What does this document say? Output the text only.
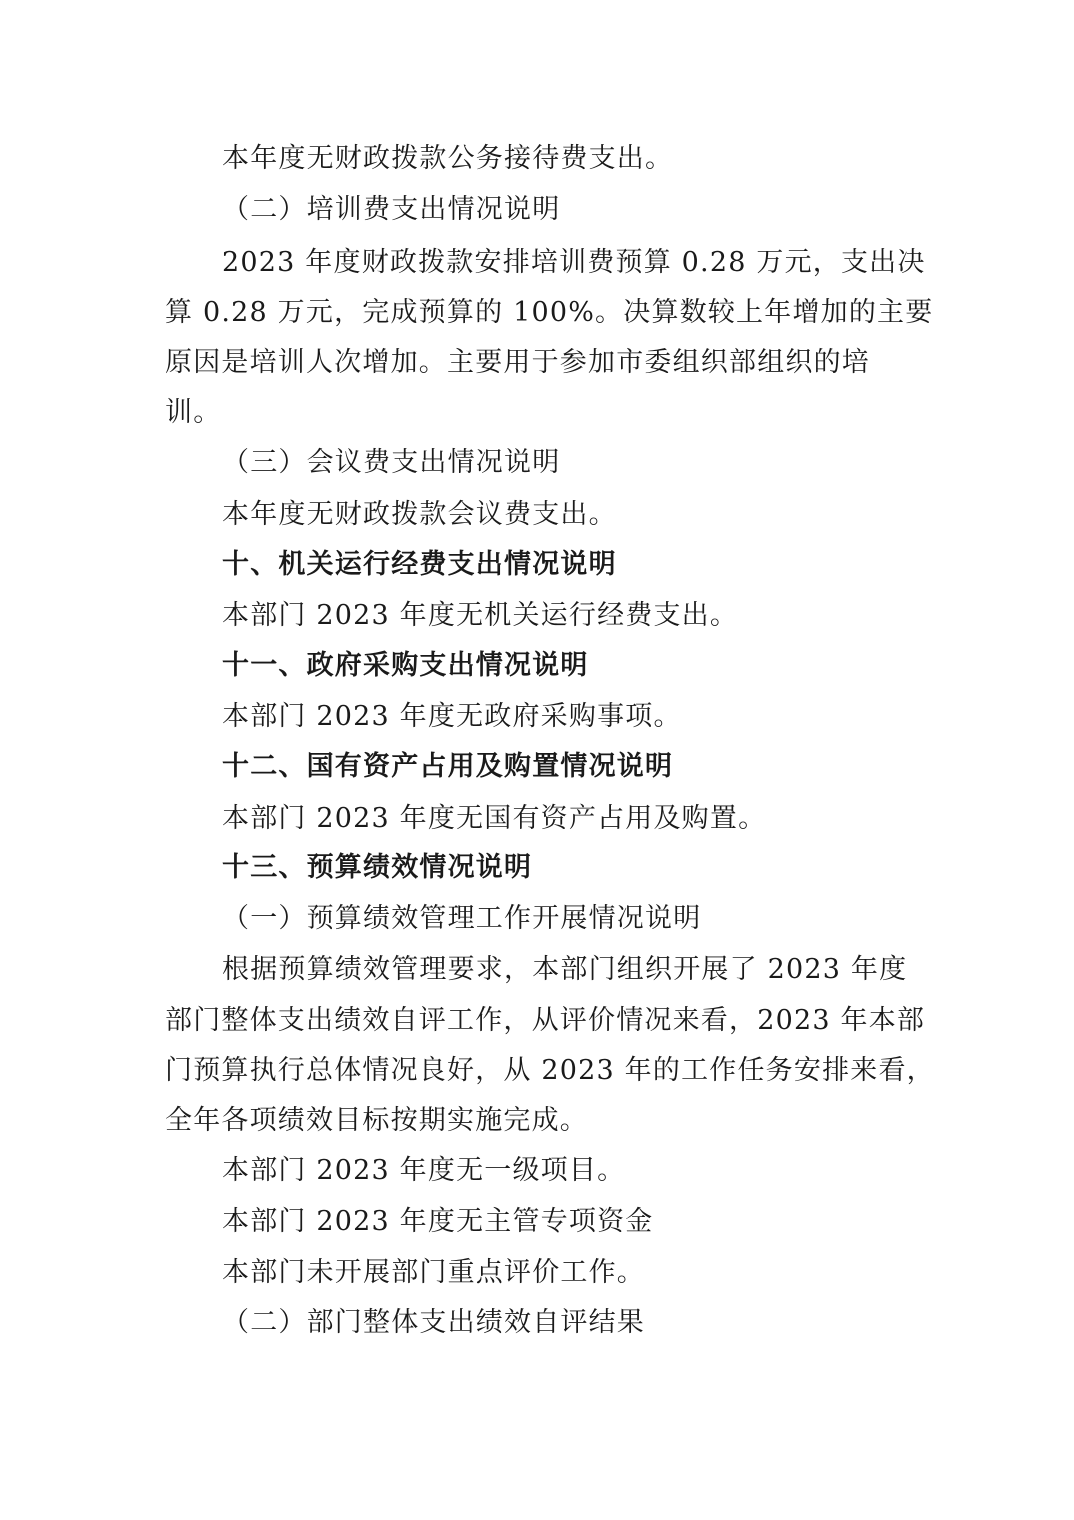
本年度无财政拨款公务接待费支出。
（二）培训费支出情况说明
2023 年度财政拨款安排培训费预算 0.28 万元，支出决
算 0.28 万元，完成预算的 100%。决算数较上年增加的主要
原因是培训人次增加。主要用于参加市委组织部组织的培
训。
（三）会议费支出情况说明
本年度无财政拨款会议费支出。
十、机关运行经费支出情况说明
本部门 2023 年度无机关运行经费支出。
十一、政府采购支出情况说明
本部门 2023 年度无政府采购事项。
十二、国有资产占用及购置情况说明
本部门 2023 年度无国有资产占用及购置。
十三、预算绩效情况说明
（一）预算绩效管理工作开展情况说明
根据预算绩效管理要求，本部门组织开展了 2023 年度
部门整体支出绩效自评工作，从评价情况来看，2023 年本部
门预算执行总体情况良好，从 2023 年的工作任务安排来看，
全年各项绩效目标按期实施完成。
本部门 2023 年度无一级项目。
本部门 2023 年度无主管专项资金
本部门未开展部门重点评价工作。
（二）部门整体支出绩效自评结果
